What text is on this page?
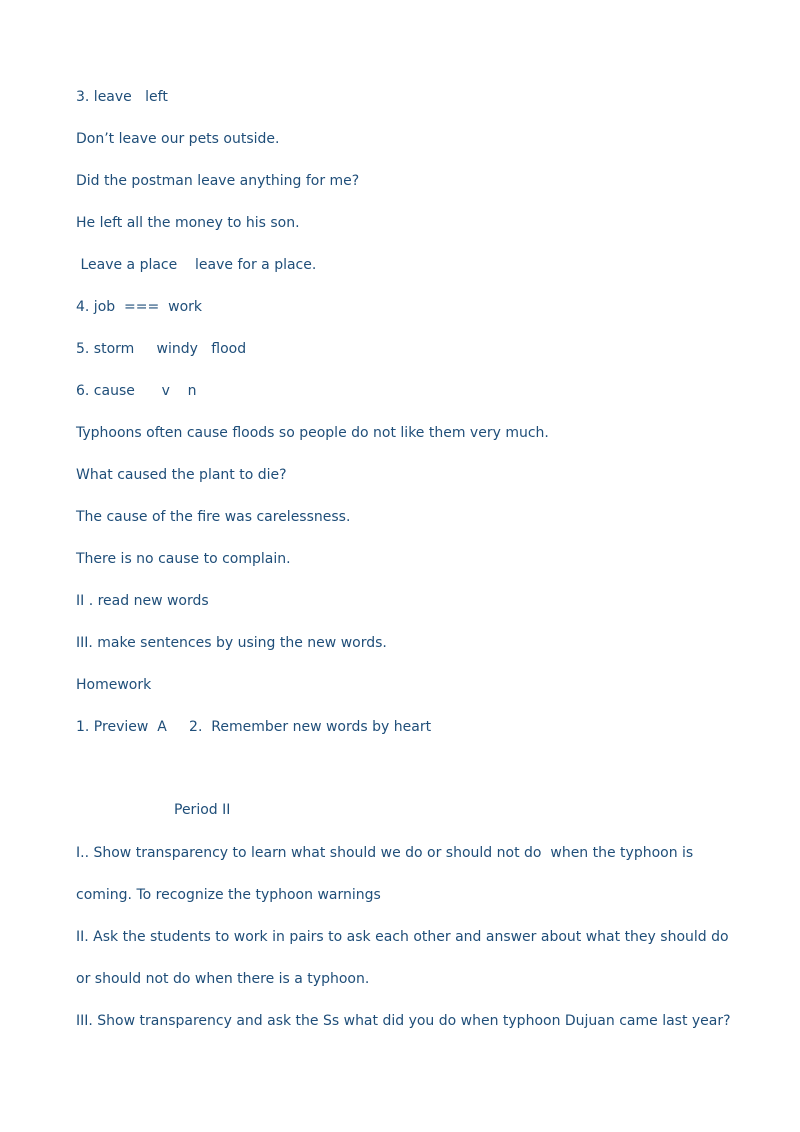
3. leave   left
Don’t leave our pets outside.
Did the postman leave anything for me?
He left all the money to his son.
Leave a place    leave for a place.
4. job  ===  work
5. storm     windy   flood
6. cause      v    n
Typhoons often cause floods so people do not like them very much.
What caused the plant to die?
The cause of the fire was carelessness.
There is no cause to complain.
II . read new words
III. make sentences by using the new words.
Homework
1. Preview  A     2.  Remember new words by heart
Period II
I.. Show transparency to learn what should we do or should not do  when the typhoon is
coming. To recognize the typhoon warnings
II. Ask the students to work in pairs to ask each other and answer about what they should do
or should not do when there is a typhoon.
III. Show transparency and ask the Ss what did you do when typhoon Dujuan came last year?
